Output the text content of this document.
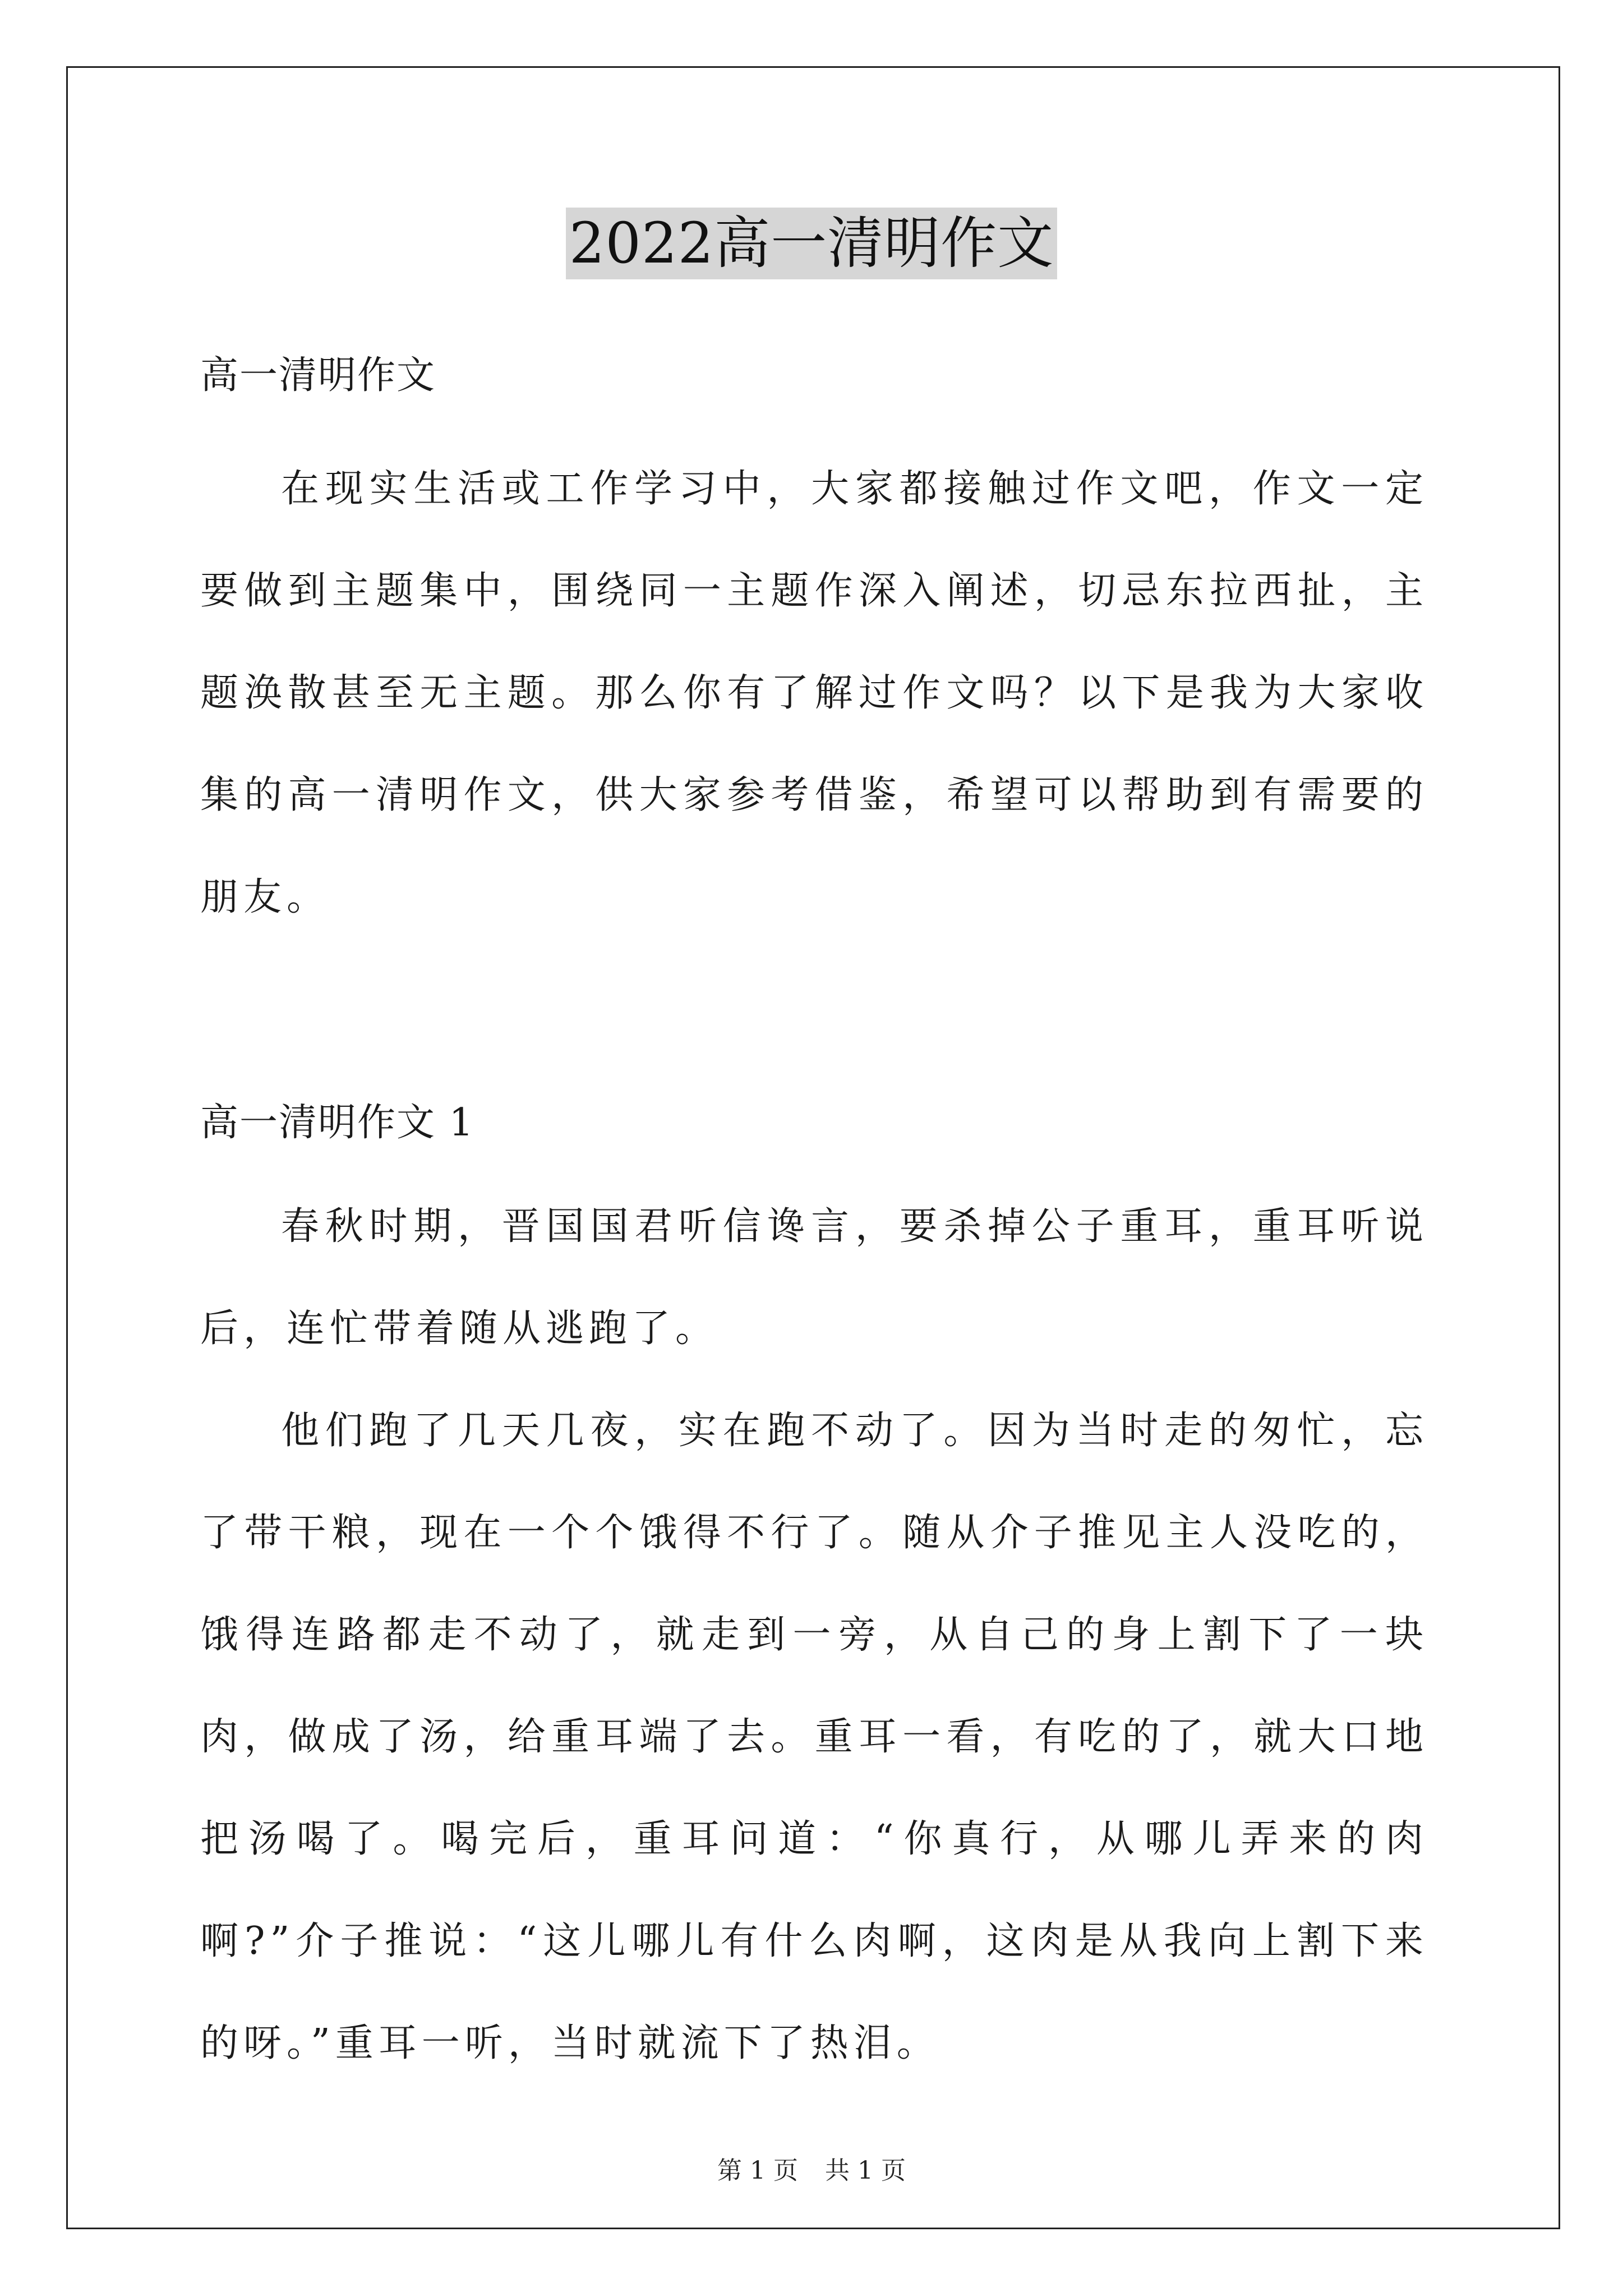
2022高一清明作文

高一清明作文

在现实生活或工作学习中，大家都接触过作文吧，作文一定要做到主题集中，围绕同一主题作深入阐述，切忌东拉西扯，主题涣散甚至无主题。那么你有了解过作文吗？以下是我为大家收集的高一清明作文，供大家参考借鉴，希望可以帮助到有需要的朋友。

高一清明作文 1

春秋时期，晋国国君听信谗言，要杀掉公子重耳，重耳听说后，连忙带着随从逃跑了。

他们跑了几天几夜，实在跑不动了。因为当时走的匆忙，忘了带干粮，现在一个个饿得不行了。随从介子推见主人没吃的，饿得连路都走不动了，就走到一旁，从自己的身上割下了一块肉，做成了汤，给重耳端了去。重耳一看，有吃的了，就大口地把汤喝了。喝完后，重耳问道：“你真行，从哪儿弄来的肉啊?”介子推说：“这儿哪儿有什么肉啊，这肉是从我向上割下来的呀。”重耳一听，当时就流下了热泪。

第 1 页 共 1 页
